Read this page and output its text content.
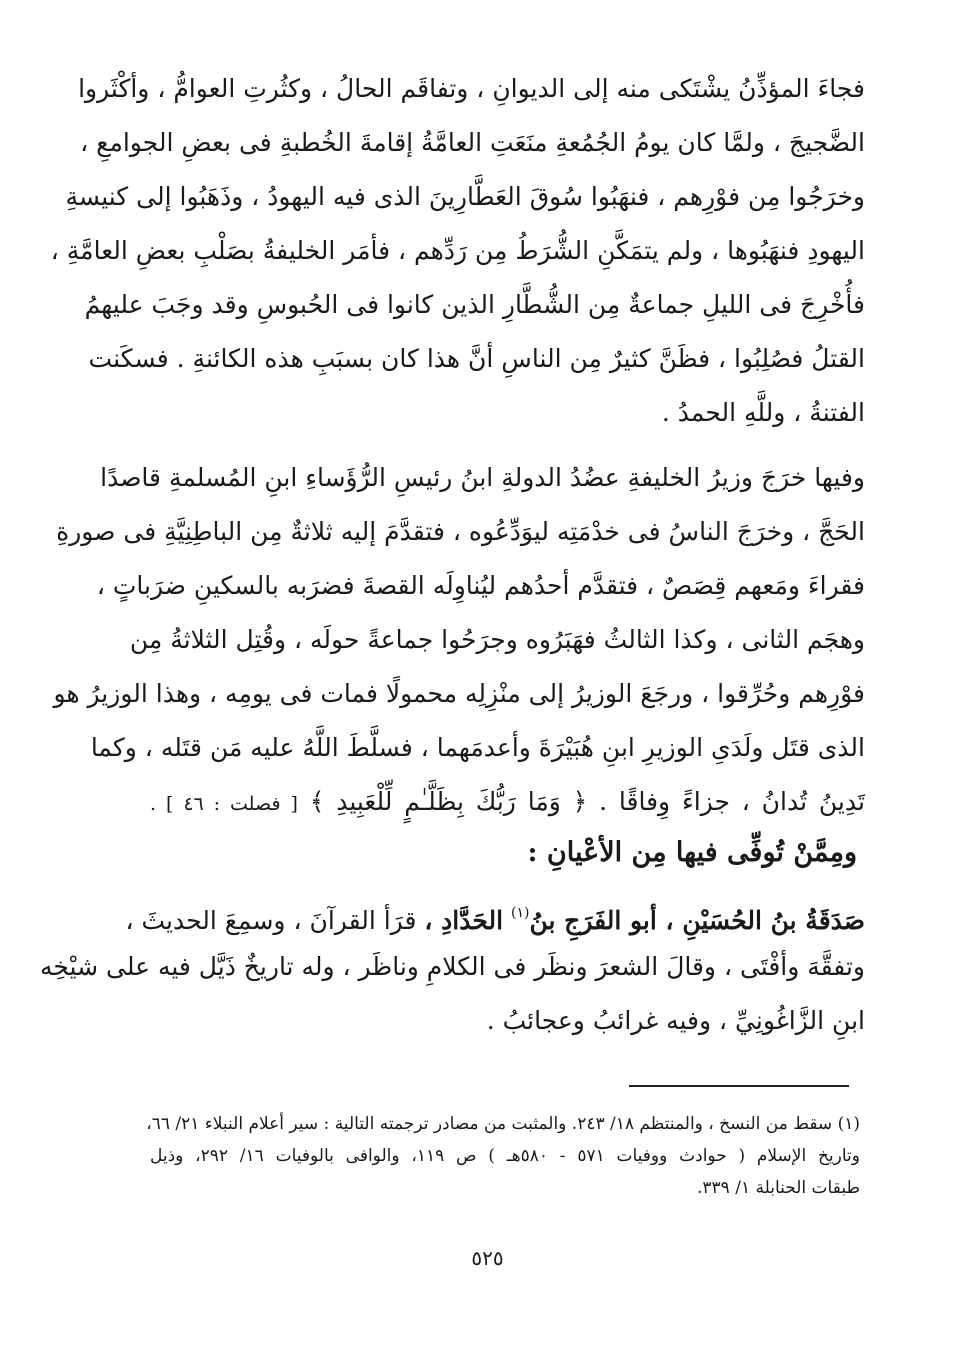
فجاءَ المؤذِّنُ يشْتَكى منه إلى الديوانِ ، وتفاقَم الحالُ ، وكثُرتِ العوامُّ ، وأكْثَروا
الضَّجيجَ ، ولمَّا كان يومُ الجُمُعةِ منَعَتِ العامَّةُ إقامةَ الخُطبةِ فى بعضِ الجوامعِ ،
وخرَجُوا مِن فوْرِهم ، فنهَبُوا سُوقَ العَطَّارِينَ الذى فيه اليهودُ ، وذَهَبُوا إلى كنيسةِ
اليهودِ فنهَبُوها ، ولم يتمَكَّنِ الشُّرَطُ مِن رَدِّهم ، فأمَر الخليفةُ بصَلْبِ بعضِ العامَّةِ ،
فأُخْرِجَ فى الليلِ جماعةٌ مِن الشُّطَّارِ الذين كانوا فى الحُبوسِ وقد وجَبَ عليهمُ
القتلُ فصُلِبُوا ، فظَنَّ كثيرٌ مِن الناسِ أنَّ هذا كان بسبَبِ هذه الكائنةِ . فسكَنت
الفتنةُ ، وللَّهِ الحمدُ .
وفيها خرَجَ وزيرُ الخليفةِ عضُدُ الدولةِ ابنُ رئيسِ الرُّؤَساءِ ابنِ المُسلمةِ قاصدًا
الحَجَّ ، وخرَجَ الناسُ فى خدْمَتِه ليوَدِّعُوه ، فتقدَّمَ إليه ثلاثةٌ مِن الباطِنِيَّةِ فى صورةِ
فقراءَ ومَعهم قِصَصٌ ، فتقدَّم أحدُهم ليُناوِلَه القصةَ فضرَبه بالسكينِ ضرَباتٍ ،
وهجَم الثانى ، وكذا الثالثُ فهَبَرُوه وجرَحُوا جماعةً حولَه ، وقُتِل الثلاثةُ مِن
فوْرِهم وحُرِّقوا ، ورجَعَ الوزيرُ إلى منْزِلِه محمولًا فمات فى يومِه ، وهذا الوزيرُ هو
الذى قتَل ولَدَىِ الوزيرِ ابنِ هُبَيْرَةَ وأعدمَهما ، فسلَّطَ اللَّهُ عليه مَن قتَله ، وكما
تَدِينُ تُدانُ ، جزاءً وِفاقًا . ﴿ وَمَا رَبُّكَ بِظَلَّـٰمٍ لِّلْعَبِيدِ ﴾ [ فصلت : ٤٦ ] .
ومِمَّنْ تُوفِّى فيها مِن الأعْيانِ :
صَدَقَةُ بنُ الحُسَيْنِ ، أبو الفَرَجِ بنُ$^{(١)}$ الحَدَّادِ ، قرَأ القرآنَ ، وسمِعَ الحديثَ ،
وتفقَّهَ وأفْتَى ، وقالَ الشعرَ ونظَر فى الكلامِ وناظَر ، وله تاريخٌ ذَيَّل فيه على شيْخِه
ابنِ الزَّاغُونِيِّ ، وفيه غرائبُ وعجائبُ .
(١) سقط من النسخ ، والمنتظم ١٨/ ٢٤٣. والمثبت من مصادر ترجمته التالية : سير أعلام النبلاء ٢١/ ٦٦،
وتاريخ الإسلام ( حوادث ووفيات ٥٧١ - ٥٨٠هـ ) ص ١١٩، والوافى بالوفيات ١٦/ ٢٩٢، وذيل
طبقات الحنابلة ١/ ٣٣٩.
٥٢٥
